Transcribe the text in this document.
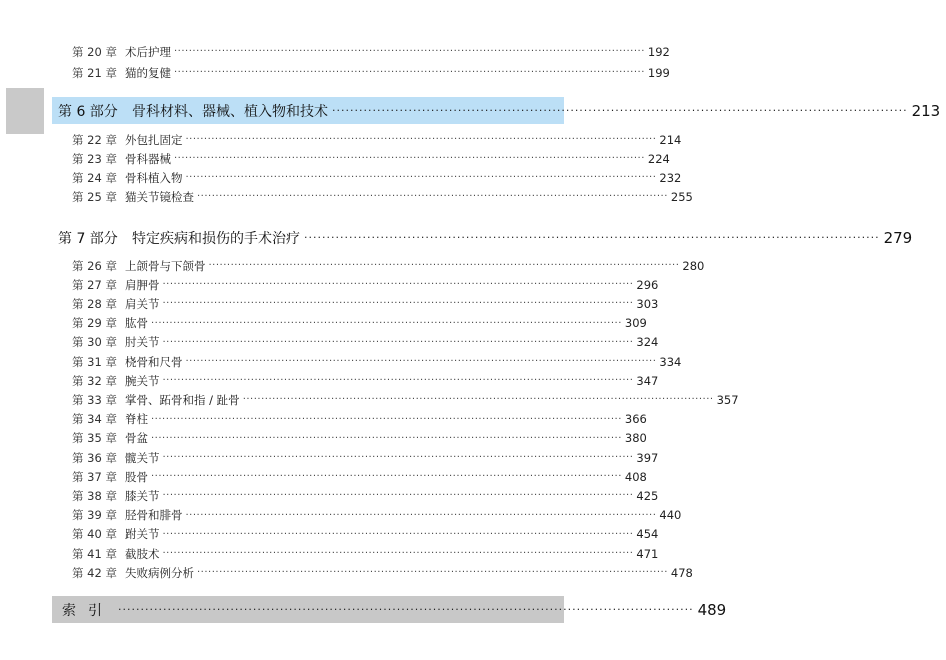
第 20 章 术后护理 ································································································································ 192
第 21 章 猫的复健 ································································································································ 199
第 6 部分	骨科材料、器械、植入物和技术 ································································································································ 213
第 22 章 外包扎固定 ································································································································ 214
第 23 章 骨科器械 ································································································································ 224
第 24 章 骨科植入物 ································································································································ 232
第 25 章 猫关节镜检查 ································································································································ 255
第 7 部分	特定疾病和损伤的手术治疗 ································································································································ 279
第 26 章 上颌骨与下颌骨 ································································································································ 280
第 27 章 肩胛骨 ································································································································ 296
第 28 章 肩关节 ································································································································ 303
第 29 章 肱骨 ································································································································ 309
第 30 章 肘关节 ································································································································ 324
第 31 章 桡骨和尺骨 ································································································································ 334
第 32 章 腕关节 ································································································································ 347
第 33 章 掌骨、跖骨和指 / 趾骨 ································································································································ 357
第 34 章 脊柱 ································································································································ 366
第 35 章 骨盆 ································································································································ 380
第 36 章 髋关节 ································································································································ 397
第 37 章 股骨 ································································································································ 408
第 38 章 膝关节 ································································································································ 425
第 39 章 胫骨和腓骨 ································································································································ 440
第 40 章 跗关节 ································································································································ 454
第 41 章 截肢术 ································································································································ 471
第 42 章 失败病例分析 ································································································································ 478
索引 ································································································································ 489
